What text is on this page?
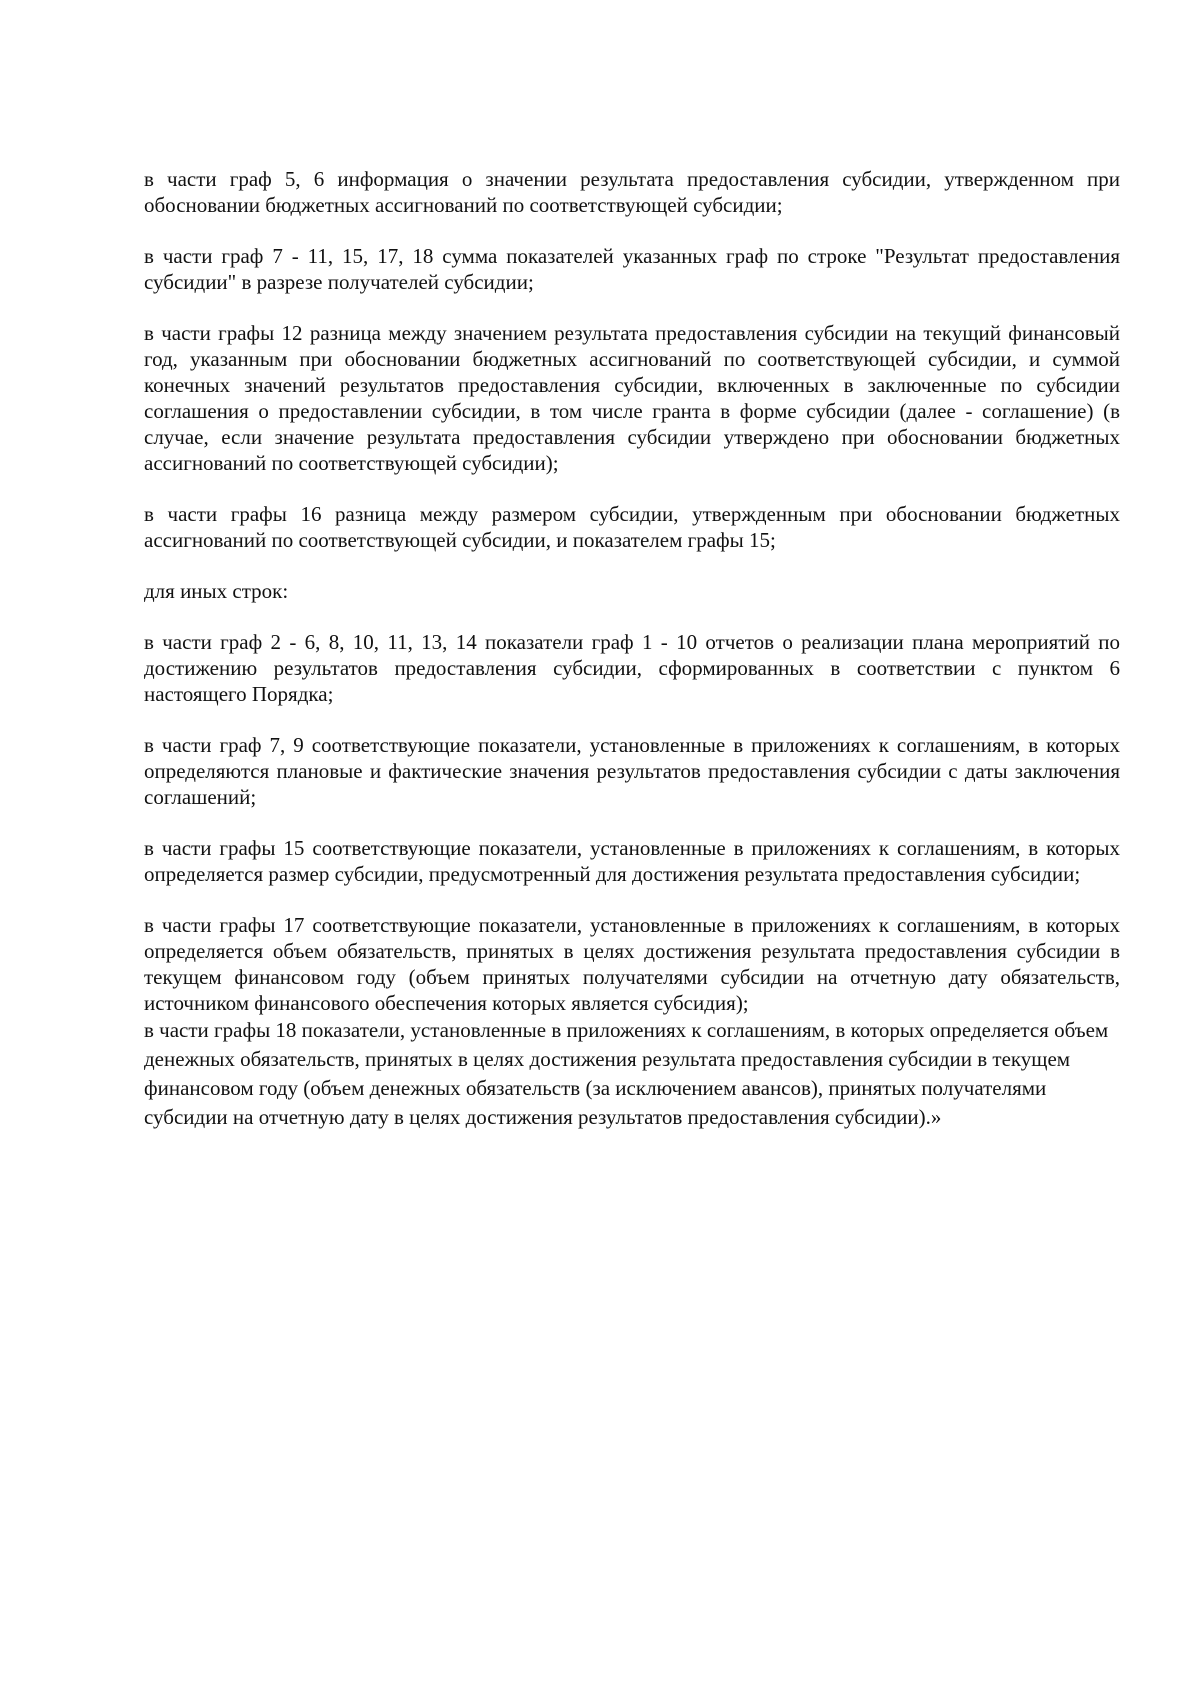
в части граф 5, 6 информация о значении результата предоставления субсидии, утвержденном при обосновании бюджетных ассигнований по соответствующей субсидии;

в части граф 7 - 11, 15, 17, 18 сумма показателей указанных граф по строке "Результат предоставления субсидии" в разрезе получателей субсидии;

в части графы 12 разница между значением результата предоставления субсидии на текущий финансовый год, указанным при обосновании бюджетных ассигнований по соответствующей субсидии, и суммой конечных значений результатов предоставления субсидии, включенных в заключенные по субсидии соглашения о предоставлении субсидии, в том числе гранта в форме субсидии (далее - соглашение) (в случае, если значение результата предоставления субсидии утверждено при обосновании бюджетных ассигнований по соответствующей субсидии);

в части графы 16 разница между размером субсидии, утвержденным при обосновании бюджетных ассигнований по соответствующей субсидии, и показателем графы 15;

для иных строк:

в части граф 2 - 6, 8, 10, 11, 13, 14 показатели граф 1 - 10 отчетов о реализации плана мероприятий по достижению результатов предоставления субсидии, сформированных в соответствии с пунктом 6 настоящего Порядка;

в части граф 7, 9 соответствующие показатели, установленные в приложениях к соглашениям, в которых определяются плановые и фактические значения результатов предоставления субсидии с даты заключения соглашений;

в части графы 15 соответствующие показатели, установленные в приложениях к соглашениям, в которых определяется размер субсидии, предусмотренный для достижения результата предоставления субсидии;

в части графы 17 соответствующие показатели, установленные в приложениях к соглашениям, в которых определяется объем обязательств, принятых в целях достижения результата предоставления субсидии в текущем финансовом году (объем принятых получателями субсидии на отчетную дату обязательств, источником финансового обеспечения которых является субсидия);

в части графы 18 показатели, установленные в приложениях к соглашениям, в которых определяется объем денежных обязательств, принятых в целях достижения результата предоставления субсидии в текущем финансовом году (объем денежных обязательств (за исключением авансов), принятых получателями субсидии на отчетную дату в целях достижения результатов предоставления субсидии).»
